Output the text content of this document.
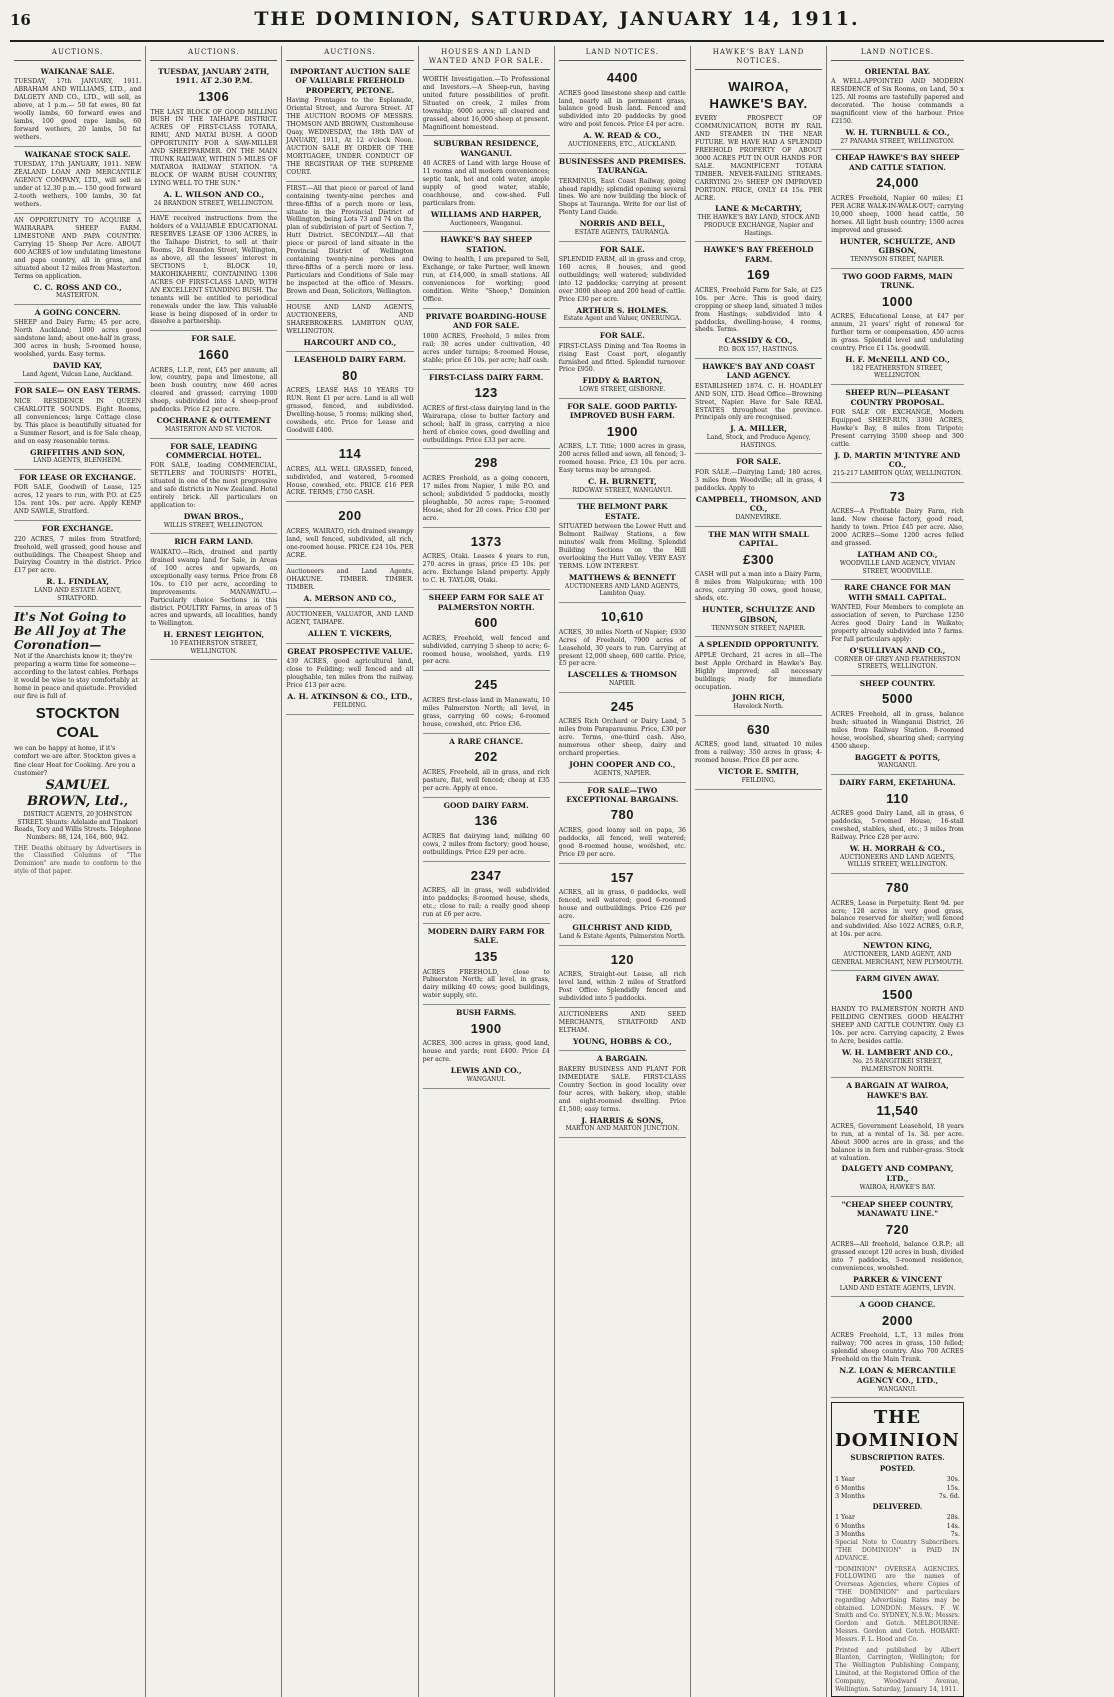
16	THE DOMINION, SATURDAY, JANUARY 14, 1911.
AUCTIONS.
WAIKANAE SALE.
TUESDAY, 17th JANUARY, 1911. ABRAHAM AND WILLIAMS, LTD., and DALGETY AND CO., LTD., will sell, as above, at 1 p.m.— 50 fat ewes, 80 fat woolly lambs, 60 forward ewes and lambs, 100 good rape lambs, 60 forward wethers, 20 lambs, 50 fat wethers.
WAIKANAE STOCK SALE.
TUESDAY, 17th JANUARY, 1911. NEW ZEALAND LOAN AND MERCANTILE AGENCY COMPANY, LTD., will sell as under at 12.30 p.m.— 150 good forward 2-tooth wethers, 100 lambs, 30 fat wethers.
AN OPPORTUNITY TO ACQUIRE A WAIRARAPA SHEEP FARM. LIMESTONE AND PAPA COUNTRY. Carrying 15 Sheep Per Acre. ABOUT 600 ACRES of low undulating limestone and papa country, all in grass, and situated about 12 miles from Masterton. Terms on application.
C. C. ROSS AND CO.,
MASTERTON.
A GOING CONCERN.
SHEEP and Dairy Farm; 45 per acre, North Auckland; 1000 acres good sandstone land; about one-half in grass, 300 acres in bush; 5-roomed house, woolshed, yards. Easy terms.
DAVID KAY,
Land Agent, Vulcan Lane, Auckland.
FOR SALE— ON EASY TERMS.
NICE RESIDENCE IN QUEEN CHARLOTTE SOUNDS. Eight Rooms, all conveniences; large Cottage close by. This place is beautifully situated for a Summer Resort, and is for Sale cheap, and on easy reasonable terms.
GRIFFITHS AND SON,
LAND AGENTS, BLENHEIM.
FOR LEASE OR EXCHANGE.
FOR SALE, Goodwill of Lease, 125 acres, 12 years to run, with P.O. at £25 15s. rent 10s. per acre. Apply KEMP AND SAWLE, Stratford.
FOR EXCHANGE.
220 ACRES, 7 miles from Stratford; freehold, well grassed, good house and outbuildings. The Cheapest Sheep and Dairying Country in the district. Price £17 per acre.
R. L. FINDLAY,
LAND AND ESTATE AGENT, STRATFORD.
It's Not Going to Be All Joy at The Coronation—
Not if the Anarchists know it; they're preparing a warm time for someone—according to the latest cables. Perhaps it would be wise to stay comfortably at home in peace and quietude. Provided our fire is full of
STOCKTON COAL
we can be happy at home, if it's comfort we are after. Stockton gives a fine clear Heat for Cooking. Are you a customer?
SAMUEL BROWN, Ltd.,
DISTRICT AGENTS, 20 JOHNSTON STREET. Shunts: Adelaide and Tinakori Roads, Tory and Willis Streets. Telephone Numbers: 88, 124, 164, 860, 942.
THE Deaths obituary by Advertisers in the Classified Columns of "The Dominion" are made to conform to the style of that paper.
AUCTIONS.
TUESDAY, JANUARY 24TH, 1911. AT 2.30 P.M.
1306
THE LAST BLOCK OF GOOD MILLING BUSH IN THE TAIHAPE DISTRICT. ACRES OF FIRST-CLASS TOTARA, RIMU, AND MATAI BUSH. A GOOD OPPORTUNITY FOR A SAW-MILLER AND SHEEPFARMER. ON THE MAIN TRUNK RAILWAY, WITHIN 5 MILES OF MATAROA RAILWAY STATION. "A BLOCK OF WARM BUSH COUNTRY, LYING WELL TO THE SUN."
A. L. WILSON AND CO.,
24 BRANDON STREET, WELLINGTON.
HAVE received instructions from the holders of a VALUABLE EDUCATIONAL RESERVES LEASE OF 1306 ACRES, in the Taihape District, to sell at their Rooms, 24 Brandon Street, Wellington, as above, all the lessees' interest in SECTIONS 1, BLOCK 10, MAKOHIKAHERU, CONTAINING 1306 ACRES OF FIRST-CLASS LAND, WITH AN EXCELLENT STANDING BUSH. The tenants will be entitled to periodical renewals under the law. This valuable lease is being disposed of in order to dissolve a partnership.
FOR SALE.
1660
ACRES, L.I.P., rent, £45 per annum; all low, country, papa and limestone, all been bush country, now 460 acres cleared and grassed; carrying 1000 sheep, subdivided into 4 sheep-proof paddocks. Price £2 per acre.
COCHRANE & OUTEMENT
MASTERTON AND ST. VICTOR.
FOR SALE, LEADING COMMERCIAL HOTEL.
FOR SALE, leading COMMERCIAL, SETTLERS' and TOURISTS' HOTEL, situated in one of the most progressive and safe districts in New Zealand. Hotel entirely brick. All particulars on application to:
DWAN BROS.,
WILLIS STREET, WELLINGTON.
RICH FARM LAND.
WAIKATO.—Rich, drained and partly drained swamp land for Sale, in Areas of 100 acres and upwards, on exceptionally easy terms. Price from £8 10s. to £10 per acre, according to improvements. MANAWATU.— Particularly choice Sections in this district. POULTRY Farms, in areas of 5 acres and upwards, all localities, handy to Wellington.
H. ERNEST LEIGHTON,
10 FEATHERSTON STREET, WELLINGTON.
AUCTIONS.
IMPORTANT AUCTION SALE OF VALUABLE FREEHOLD PROPERTY, PETONE.
Having Frontages to the Esplanade, Oriental Street, and Aurora Street. AT THE AUCTION ROOMS OF MESSRS. THOMSON AND BROWN, Customhouse Quay, WEDNESDAY, the 18th DAY of JANUARY, 1911, At 12 o'clock Noon. AUCTION SALE BY ORDER OF THE MORTGAGEE, UNDER CONDUCT OF THE REGISTRAR OF THE SUPREME COURT.
FIRST.—All that piece or parcel of land containing twenty-nine perches and three-fifths of a perch more or less, situate in the Provincial District of Wellington, being Lots 73 and 74 on the plan of subdivision of part of Section 7, Hutt District. SECONDLY.—All that piece or parcel of land situate in the Provincial District of Wellington containing twenty-nine perches and three-fifths of a perch more or less. Particulars and Conditions of Sale may be inspected at the office of Messrs. Brown and Dean, Solicitors, Wellington.
HOUSE AND LAND AGENTS, AUCTIONEERS, AND SHAREBROKERS. LAMBTON QUAY, WELLINGTON.
HARCOURT AND CO.,
LEASEHOLD DAIRY FARM.
80
ACRES, LEASE HAS 10 YEARS TO RUN. Rent £1 per acre. Land is all well grassed, fenced, and subdivided. Dwelling-house, 5 rooms; milking shed, cowsheds, etc. Price for Lease and Goodwill £400.
114
ACRES, ALL WELL GRASSED, fenced, subdivided, and watered, 5-roomed House, cowshed, etc. PRICE £16 PER ACRE. TERMS, £750 CASH.
200
ACRES, WAIRATO, rich drained swampy land, well fenced, subdivided, all rich, one-roomed house. PRICE £24 10s. PER ACRE.
Auctioneers and Land Agents, OHAKUNE. TIMBER. TIMBER. TIMBER.
A. MERSON AND CO.,
AUCTIONEER, VALUATOR, AND LAND AGENT, TAIHAPE.
ALLEN T. VICKERS,
GREAT PROSPECTIVE VALUE.
439 ACRES, good agricultural land, close to Feilding; well fenced and all ploughable, ten miles from the railway. Price £13 per acre.
A. H. ATKINSON & CO., LTD.,
FEILDING.
HOUSES AND LAND WANTED AND FOR SALE.
WORTH Investigation.—To Professional and Investors.—A Sheep-run, having united future possibilities of profit. Situated on creek, 2 miles from township; 6000 acres; all cleared and grassed, about 16,000 sheep at present. Magnificent homestead.
SUBURBAN RESIDENCE, WANGANUI.
40 ACRES of Land with large House of 11 rooms and all modern conveniences; septic tank, hot and cold water, ample supply of good water, stable, coachhouse, and cow-shed. Full particulars from:
WILLIAMS AND HARPER,
Auctioneers, Wanganui.
HAWKE'S BAY SHEEP STATION.
Owing to health, I am prepared to Sell, Exchange, or take Partner, well known run, at £14,000, in small stations. All conveniences for working; good condition. Write "Sheep," Dominion Office.
PRIVATE BOARDING-HOUSE AND FOR SALE.
1000 ACRES, Freehold, 5 miles from rail; 30 acres under cultivation, 40 acres under turnips; 8-roomed House, stable; price £6 10s. per acre; half cash.
FIRST-CLASS DAIRY FARM.
123
ACRES of first-class dairying land in the Wairarapa, close to butter factory and school; half in grass, carrying a nice herd of choice cows, good dwelling and outbuildings. Price £33 per acre.
298
ACRES Freehold, as a going concern, 17 miles from Napier, 1 mile P.O. and school; subdivided 5 paddocks, mostly ploughable, 50 acres rape; 5-roomed House, shed for 20 cows. Price £30 per acre.
1373
ACRES, Otaki. Leases 4 years to run, 270 acres in grass, price £5 10s. per acre. Exchange Island property. Apply to C. H. TAYLOR, Otaki.
SHEEP FARM FOR SALE AT PALMERSTON NORTH.
600
ACRES, Freehold, well fenced and subdivided, carrying 5 sheep to acre; 6-roomed house, woolshed, yards. £19 per acre.
245
ACRES first-class land in Manawatu, 10 miles Palmerston North; all level, in grass, carrying 60 cows; 6-roomed house, cowshed, etc. Price £36.
A RARE CHANCE.
202
ACRES, Freehold, all in grass, and rich pasture, flat, well fenced; cheap at £35 per acre. Apply at once.
GOOD DAIRY FARM.
136
ACRES flat dairying land, milking 60 cows, 2 miles from factory; good house, outbuildings. Price £29 per acre.
2347
ACRES, all in grass, well subdivided into paddocks; 8-roomed house, sheds, etc.; close to rail; a really good sheep run at £6 per acre.
MODERN DAIRY FARM FOR SALE.
135
ACRES FREEHOLD, close to Palmerston North; all level, in grass, dairy milking 40 cows; good buildings, water supply, etc.
BUSH FARMS.
1900
ACRES, 300 acres in grass, good land, house and yards; rent £400. Price £4 per acre.
LEWIS AND CO.,
WANGANUI.
LAND NOTICES.
4400
ACRES good limestone sheep and cattle land, nearly all in permanent grass, balance good bush land. Fenced and subdivided into 20 paddocks by good wire and post fences. Price £4 per acre.
A. W. READ & CO.,
AUCTIONEERS, ETC., AUCKLAND.
BUSINESSES AND PREMISES. TAURANGA.
TERMINUS, East Coast Railway, going ahead rapidly; splendid opening several lines. We are now building the block of Shops at Tauranga. Write for our list of Plenty Land Guide.
NORRIS AND BELL,
ESTATE AGENTS, TAURANGA.
FOR SALE.
SPLENDID FARM, all in grass and crop, 160 acres, 8 houses, and good outbuildings; well watered; subdivided into 12 paddocks; carrying at present over 3000 sheep and 200 head of cattle. Price £30 per acre.
ARTHUR S. HOLMES.
Estate Agent and Valuer, ONERUNGA.
FOR SALE.
FIRST-CLASS Dining and Tea Rooms in rising East Coast port, elegantly furnished and fitted. Splendid turnover. Price £950.
FIDDY & BARTON,
LOWE STREET, GISBORNE.
FOR SALE. GOOD PARTLY-IMPROVED BUSH FARM.
1900
ACRES, L.T. Title; 1000 acres in grass, 200 acres felled and sown, all fenced; 3-roomed house. Price, £3 10s. per acre. Easy terms may be arranged.
C. H. BURNETT,
RIDGWAY STREET, WANGANUI.
THE BELMONT PARK ESTATE.
SITUATED between the Lower Hutt and Belmont Railway Stations, a few minutes' walk from Melling. Splendid Building Sections on the Hill overlooking the Hutt Valley. VERY EASY TERMS. LOW INTEREST.
MATTHEWS & BENNETT
AUCTIONEERS AND LAND AGENTS, Lambton Quay.
10,610
ACRES, 30 miles North of Napier; £930 Acres of Freehold, 7900 acres of Leasehold, 30 years to run. Carrying at present 12,000 sheep, 600 cattle. Price, £5 per acre.
LASCELLES & THOMSON
NAPIER.
245
ACRES Rich Orchard or Dairy Land, 5 miles from Paraparaumu. Price, £30 per acre. Terms, one-third cash. Also, numerous other sheep, dairy and orchard properties.
JOHN COOPER AND CO.,
AGENTS, NAPIER.
FOR SALE—TWO EXCEPTIONAL BARGAINS.
780
ACRES, good loamy soil on papa, 36 paddocks, all fenced, well watered; good 8-roomed house, woolshed, etc. Price £9 per acre.
157
ACRES, all in grass, 6 paddocks, well fenced, well watered; good 6-roomed house and outbuildings. Price £26 per acre.
GILCHRIST AND KIDD,
Land & Estate Agents, Palmerston North.
120
ACRES, Straight-out Lease, all rich level land, within 2 miles of Stratford Post Office. Splendidly fenced and subdivided into 5 paddocks.
AUCTIONEERS AND SEED MERCHANTS, STRATFORD AND ELTHAM.
YOUNG, HOBBS & CO.,
A BARGAIN.
BAKERY BUSINESS AND PLANT FOR IMMEDIATE SALE. FIRST-CLASS Country Section in good locality over four acres, with bakery, shop, stable and eight-roomed dwelling. Price £1,500; easy terms.
J. HARRIS & SONS,
MARTON AND MARTON JUNCTION.
HAWKE'S BAY LAND NOTICES.
WAIROA, HAWKE'S BAY.
EVERY PROSPECT OF COMMUNICATION, BOTH BY RAIL AND STEAMER IN THE NEAR FUTURE. WE HAVE HAD A SPLENDID FREEHOLD PROPERTY OF ABOUT 3000 ACRES PUT IN OUR HANDS FOR SALE. MAGNIFICENT TOTARA TIMBER. NEVER-FAILING STREAMS. CARRYING 2½ SHEEP ON IMPROVED PORTION. PRICE, ONLY £4 15s. PER ACRE.
LANE & McCARTHY,
THE HAWKE'S BAY LAND, STOCK AND PRODUCE EXCHANGE, Napier and Hastings.
HAWKE'S BAY FREEHOLD FARM.
169
ACRES, Freehold Farm for Sale, at £25 10s. per Acre. This is good dairy, cropping or sheep land, situated 3 miles from Hastings; subdivided into 4 paddocks, dwelling-house, 4 rooms, sheds. Terms.
CASSIDY & CO.,
P.O. BOX 157, HASTINGS.
HAWKE'S BAY AND COAST LAND AGENCY.
ESTABLISHED 1874. C. H. HOADLEY AND SON, LTD. Head Office—Browning Street, Napier. Have for Sale REAL ESTATES throughout the province. Principals only are recognised.
J. A. MILLER,
Land, Stock, and Produce Agency, HASTINGS.
FOR SALE.
FOR SALE.—Dairying Land; 180 acres, 3 miles from Woodville; all in grass, 4 paddocks. Apply to
CAMPBELL, THOMSON, AND CO.,
DANNEVIRKE.
THE MAN WITH SMALL CAPITAL.
£300
CASH will put a man into a Dairy Farm, 8 miles from Waipukurau; with 100 acres, carrying 30 cows, good house, sheds, etc.
HUNTER, SCHULTZE AND GIBSON,
TENNYSON STREET, NAPIER.
A SPLENDID OPPORTUNITY.
APPLE Orchard, 21 acres in all—The best Apple Orchard in Hawke's Bay. Highly improved; all necessary buildings; ready for immediate occupation.
JOHN RICH,
Havelock North.
630
ACRES, good land, situated 10 miles from a railway; 350 acres in grass; 4-roomed house. Price £8 per acre.
VICTOR E. SMITH,
FEILDING.
LAND NOTICES.
ORIENTAL BAY.
A WELL-APPOINTED AND MODERN RESIDENCE of Six Rooms, on Land, 50 x 125. All rooms are tastefully papered and decorated. The house commands a magnificent view of the harbour. Price £2150.
W. H. TURNBULL & CO.,
27 PANAMA STREET, WELLINGTON.
CHEAP HAWKE'S BAY SHEEP AND CATTLE STATION.
24,000
ACRES Freehold, Napier 60 miles; £1 PER ACRE WALK-IN-WALK-OUT; carrying 10,000 sheep, 1000 head cattle, 50 horses. All light bush country; 1500 acres improved and grassed.
HUNTER, SCHULTZE, AND GIBSON,
TENNYSON STREET, NAPIER.
TWO GOOD FARMS, MAIN TRUNK.
1000
ACRES, Educational Lease, at £47 per annum, 21 years' right of renewal for further term or compensation, 450 acres in grass. Splendid level and undulating country. Price £1 15s. goodwill.
H. F. McNEILL AND CO.,
182 FEATHERSTON STREET, WELLINGTON.
SHEEP RUN—PLEASANT COUNTRY PROPOSAL.
FOR SALE OR EXCHANGE, Modern Equipped SHEEP-RUN, 3300 ACRES, Hawke's Bay, 8 miles from Tiripoto; Present carrying 3500 sheep and 300 cattle.
J. D. MARTIN M'INTYRE AND CO.,
215-217 LAMBTON QUAY, WELLINGTON.
73
ACRES—A Profitable Dairy Farm, rich land. New cheese factory, good road, handy to town. Price £45 per acre. Also, 2000 ACRES—Some 1200 acres felled and grassed.
LATHAM AND CO.,
WOODVILLE LAND AGENCY, VIVIAN STREET, WOODVILLE.
RARE CHANCE FOR MAN WITH SMALL CAPITAL.
WANTED, Four Members to complete an association of seven, to Purchase 1250 Acres good Dairy Land in Waikato; property already subdivided into 7 farms. For full particulars apply:
O'SULLIVAN AND CO.,
CORNER OF GREY AND FEATHERSTON STREETS, WELLINGTON.
SHEEP COUNTRY.
5000
ACRES Freehold, all in grass, balance bush; situated in Wanganui District, 26 miles from Railway Station. 8-roomed house, woolshed, shearing shed; carrying 4500 sheep.
BAGGETT & POTTS,
WANGANUI.
DAIRY FARM, EKETAHUNA.
110
ACRES good Dairy Land, all in grass, 6 paddocks, 5-roomed House, 16-stall cowshed, stables, shed, etc.; 3 miles from Railway. Price £28 per acre.
W. H. MORRAH & CO.,
AUCTIONEERS AND LAND AGENTS, WILLIS STREET, WELLINGTON.
780
ACRES, Lease in Perpetuity. Rent 9d. per acre; 128 acres in very good grass, balance reserved for shelter; well fenced and subdivided. Also 1022 ACRES, O.R.P., at 10s. per acre.
NEWTON KING,
AUCTIONEER, LAND AGENT, AND GENERAL MERCHANT, NEW PLYMOUTH.
FARM GIVEN AWAY.
1500
HANDY TO PALMERSTON NORTH AND FEILDING CENTRES. GOOD HEALTHY SHEEP AND CATTLE COUNTRY. Only £3 10s. per acre. Carrying capacity, 2 Ewes to Acre, besides cattle.
W. H. LAMBERT AND CO.,
No. 25 RANGITIKEI STREET, PALMERSTON NORTH.
A BARGAIN AT WAIROA, HAWKE'S BAY.
11,540
ACRES, Government Leasehold, 18 years to run, at a rental of 1s. 3d. per acre. About 3000 acres are in grass, and the balance is in fern and rubber-grass. Stock at valuation.
DALGETY AND COMPANY, LTD.,
WAIROA, HAWKE'S BAY.
"CHEAP SHEEP COUNTRY, MANAWATU LINE."
720
ACRES—All freehold, balance O.R.P.; all grassed except 120 acres in bush, divided into 7 paddocks, 5-roomed residence, conveniences, woolshed.
PARKER & VINCENT
LAND AND ESTATE AGENTS, LEVIN.
A GOOD CHANCE.
2000
ACRES Freehold, L.T., 13 miles from railway; 700 acres in grass, 150 felled; splendid sheep country. Also 700 ACRES Freehold on the Main Trunk.
N.Z. LOAN & MERCANTILE AGENCY CO., LTD.,
WANGANUI.
THE DOMINION
SUBSCRIPTION RATES.
POSTED.
1 Year	30s.
6 Months	15s.
3 Months	7s. 6d.
DELIVERED.
1 Year	28s.
6 Months	14s.
3 Months	7s.
Special Note to Country Subscribers. "THE DOMINION" is PAID IN ADVANCE.
"DOMINION" OVERSEA AGENCIES. FOLLOWING are the names of Overseas Agencies, where Copies of "THE DOMINION" and particulars regarding Advertising Rates may be obtained. LONDON: Messrs. F. W. Smith and Co. SYDNEY, N.S.W.: Messrs. Gordon and Gotch. MELBOURNE: Messrs. Gordon and Gotch. HOBART: Messrs. F. L. Hood and Co.
Printed and published by Albert Blanton, Carrington, Wellington; for The Wellington Publishing Company, Limited, at the Registered Office of the Company, Woodward Avenue, Wellington. Saturday, January 14, 1911.
